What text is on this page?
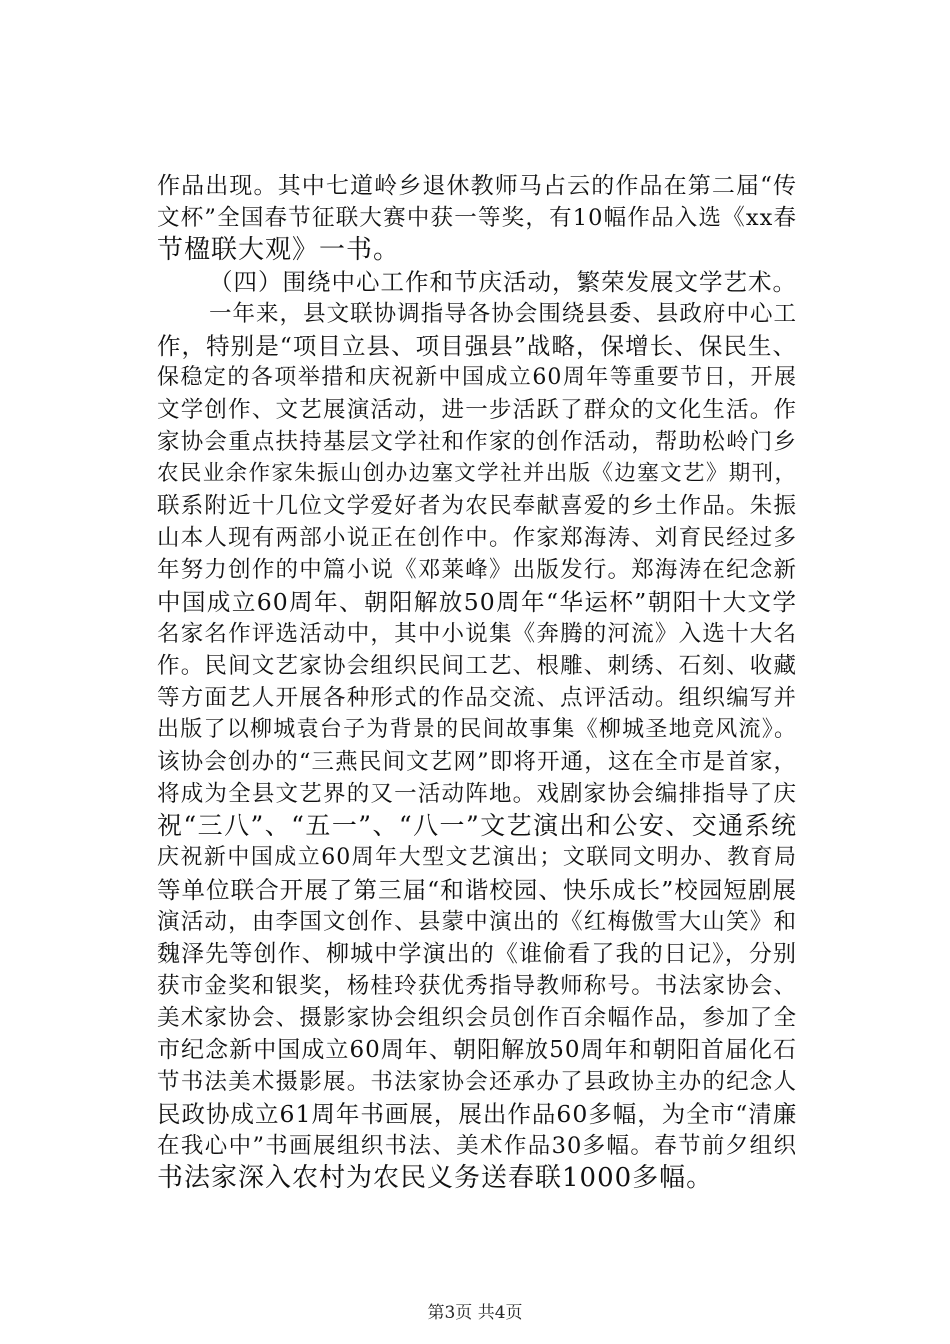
作品出现。其中七道岭乡退休教师马占云的作品在第二届“传
文杯”全国春节征联大赛中获一等奖，有10幅作品入选《xx春
节楹联大观》一书。
（四）围绕中心工作和节庆活动，繁荣发展文学艺术。
一年来，县文联协调指导各协会围绕县委、县政府中心工
作，特别是“项目立县、项目强县”战略，保增长、保民生、
保稳定的各项举措和庆祝新中国成立60周年等重要节日，开展
文学创作、文艺展演活动，进一步活跃了群众的文化生活。作
家协会重点扶持基层文学社和作家的创作活动，帮助松岭门乡
农民业余作家朱振山创办边塞文学社并出版《边塞文艺》期刊，
联系附近十几位文学爱好者为农民奉献喜爱的乡土作品。朱振
山本人现有两部小说正在创作中。作家郑海涛、刘育民经过多
年努力创作的中篇小说《邓莱峰》出版发行。郑海涛在纪念新
中国成立60周年、朝阳解放50周年“华运杯”朝阳十大文学
名家名作评选活动中，其中小说集《奔腾的河流》入选十大名
作。民间文艺家协会组织民间工艺、根雕、刺绣、石刻、收藏
等方面艺人开展各种形式的作品交流、点评活动。组织编写并
出版了以柳城袁台子为背景的民间故事集《柳城圣地竞风流》。
该协会创办的“三燕民间文艺网”即将开通，这在全市是首家，
将成为全县文艺界的又一活动阵地。戏剧家协会编排指导了庆
祝“三八”、“五一”、“八一”文艺演出和公安、交通系统
庆祝新中国成立60周年大型文艺演出；文联同文明办、教育局
等单位联合开展了第三届“和谐校园、快乐成长”校园短剧展
演活动，由李国文创作、县蒙中演出的《红梅傲雪大山笑》和
魏泽先等创作、柳城中学演出的《谁偷看了我的日记》，分别
获市金奖和银奖，杨桂玲获优秀指导教师称号。书法家协会、
美术家协会、摄影家协会组织会员创作百余幅作品，参加了全
市纪念新中国成立60周年、朝阳解放50周年和朝阳首届化石
节书法美术摄影展。书法家协会还承办了县政协主办的纪念人
民政协成立61周年书画展，展出作品60多幅，为全市“清廉
在我心中”书画展组织书法、美术作品30多幅。春节前夕组织
书法家深入农村为农民义务送春联1000多幅。
第3页 共4页
